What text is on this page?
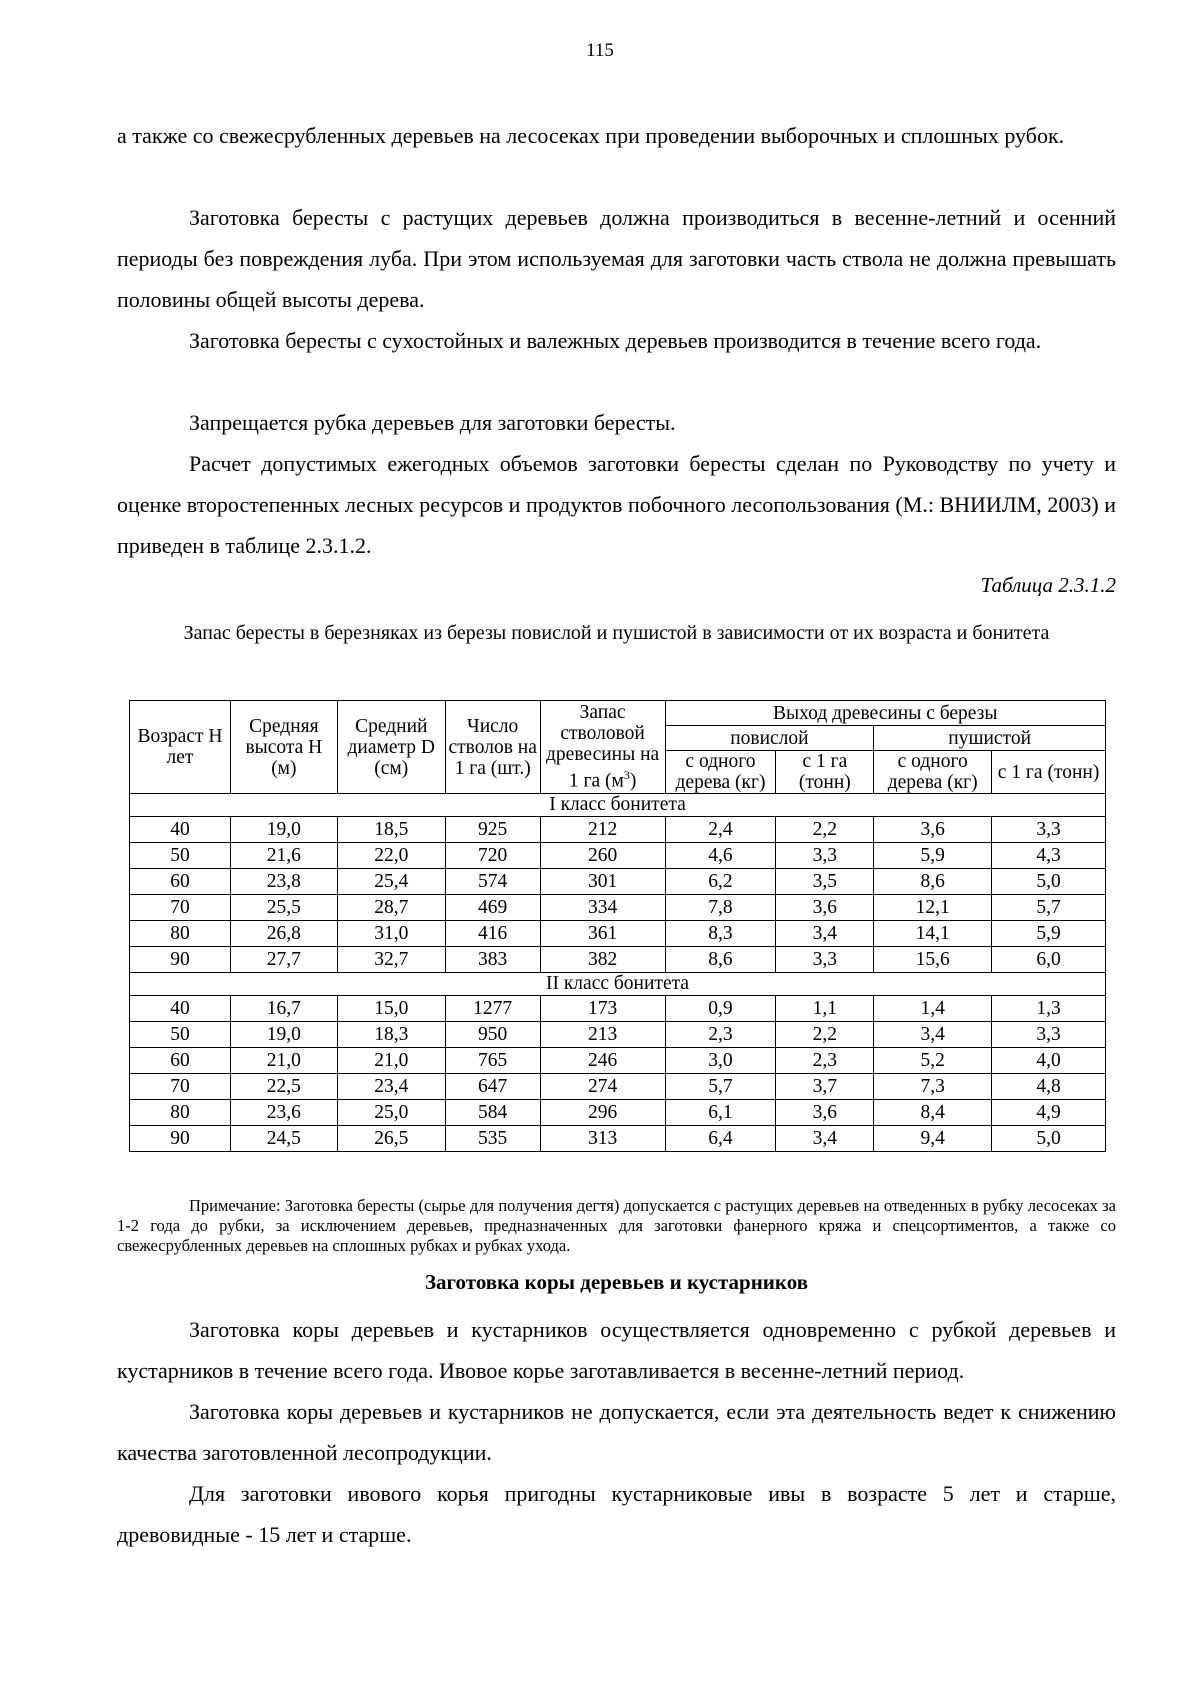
115

а также со свежесрубленных деревьев на лесосеках при проведении выборочных и сплошных рубок.

Заготовка бересты с растущих деревьев должна производиться в весенне-летний и осенний периоды без повреждения луба. При этом используемая для заготовки часть ствола не должна превышать половины общей высоты дерева.

Заготовка бересты с сухостойных и валежных деревьев производится в течение всего года.

Запрещается рубка деревьев для заготовки бересты.

Расчет допустимых ежегодных объемов заготовки бересты сделан по Руководству по учету и оценке второстепенных лесных ресурсов и продуктов побочного лесопользования (М.: ВНИИЛМ, 2003) и приведен в таблице 2.3.1.2.

Таблица 2.3.1.2

Запас бересты в березняках из березы повислой и пушистой в зависимости от их возраста и бонитета

Возраст Н лет	Средняя высота Н (м)	Средний диаметр D (см)	Число стволов на 1 га (шт.)	Запас стволовой древесины на 1 га $(м^3)$	Выход древесины с березы			
					повислой		пушистой	
					с одного дерева (кг)	с 1 га (тонн)	с одного дерева (кг)	с 1 га (тонн)

I класс бонитета								
40	19,0	18,5	925	212	2,4	2,2	3,6	3,3
50	21,6	22,0	720	260	4,6	3,3	5,9	4,3
60	23,8	25,4	574	301	6,2	3,5	8,6	5,0
70	25,5	28,7	469	334	7,8	3,6	12,1	5,7
80	26,8	31,0	416	361	8,3	3,4	14,1	5,9
90	27,7	32,7	383	382	8,6	3,3	15,6	6,0
II класс бонитета								
40	16,7	15,0	1277	173	0,9	1,1	1,4	1,3
50	19,0	18,3	950	213	2,3	2,2	3,4	3,3
60	21,0	21,0	765	246	3,0	2,3	5,2	4,0
70	22,5	23,4	647	274	5,7	3,7	7,3	4,8
80	23,6	25,0	584	296	6,1	3,6	8,4	4,9
90	24,5	26,5	535	313	6,4	3,4	9,4	5,0

Примечание: Заготовка бересты (сырье для получения дегтя) допускается с растущих деревьев на отведенных в рубку лесосеках за 1-2 года до рубки, за исключением деревьев, предназначенных для заготовки фанерного кряжа и спецсортиментов, а также со свежесрубленных деревьев на сплошных рубках и рубках ухода.

Заготовка коры деревьев и кустарников

Заготовка коры деревьев и кустарников осуществляется одновременно с рубкой деревьев и кустарников в течение всего года. Ивовое корье заготавливается в весенне-летний период.

Заготовка коры деревьев и кустарников не допускается, если эта деятельность ведет к снижению качества заготовленной лесопродукции.

Для заготовки ивового корья пригодны кустарниковые ивы в возрасте 5 лет и старше, древовидные - 15 лет и старше.
